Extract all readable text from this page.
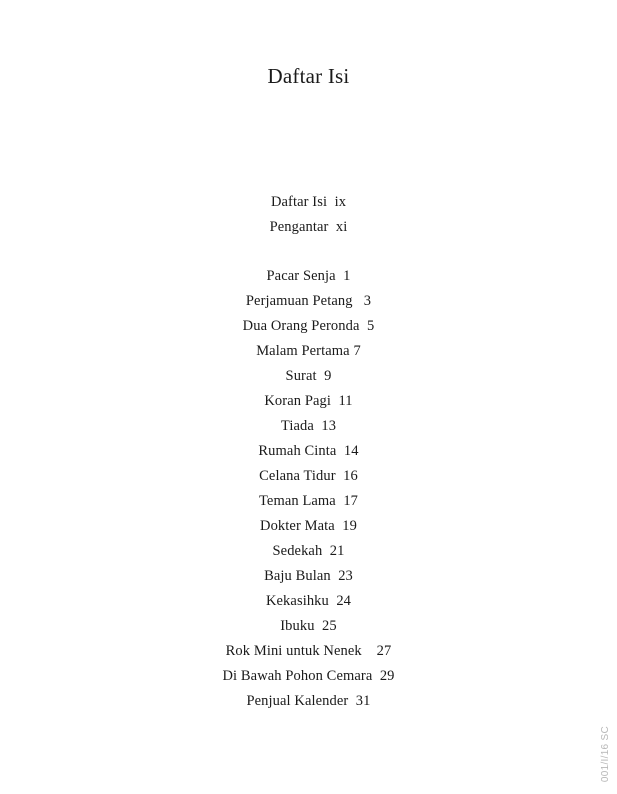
Daftar Isi
Daftar Isi ix
Pengantar xi
Pacar Senja 1
Perjamuan Petang 3
Dua Orang Peronda 5
Malam Pertama 7
Surat 9
Koran Pagi 11
Tiada 13
Rumah Cinta 14
Celana Tidur 16
Teman Lama 17
Dokter Mata 19
Sedekah 21
Baju Bulan 23
Kekasihku 24
Ibuku 25
Rok Mini untuk Nenek 27
Di Bawah Pohon Cemara 29
Penjual Kalender 31
001/I/16 SC
